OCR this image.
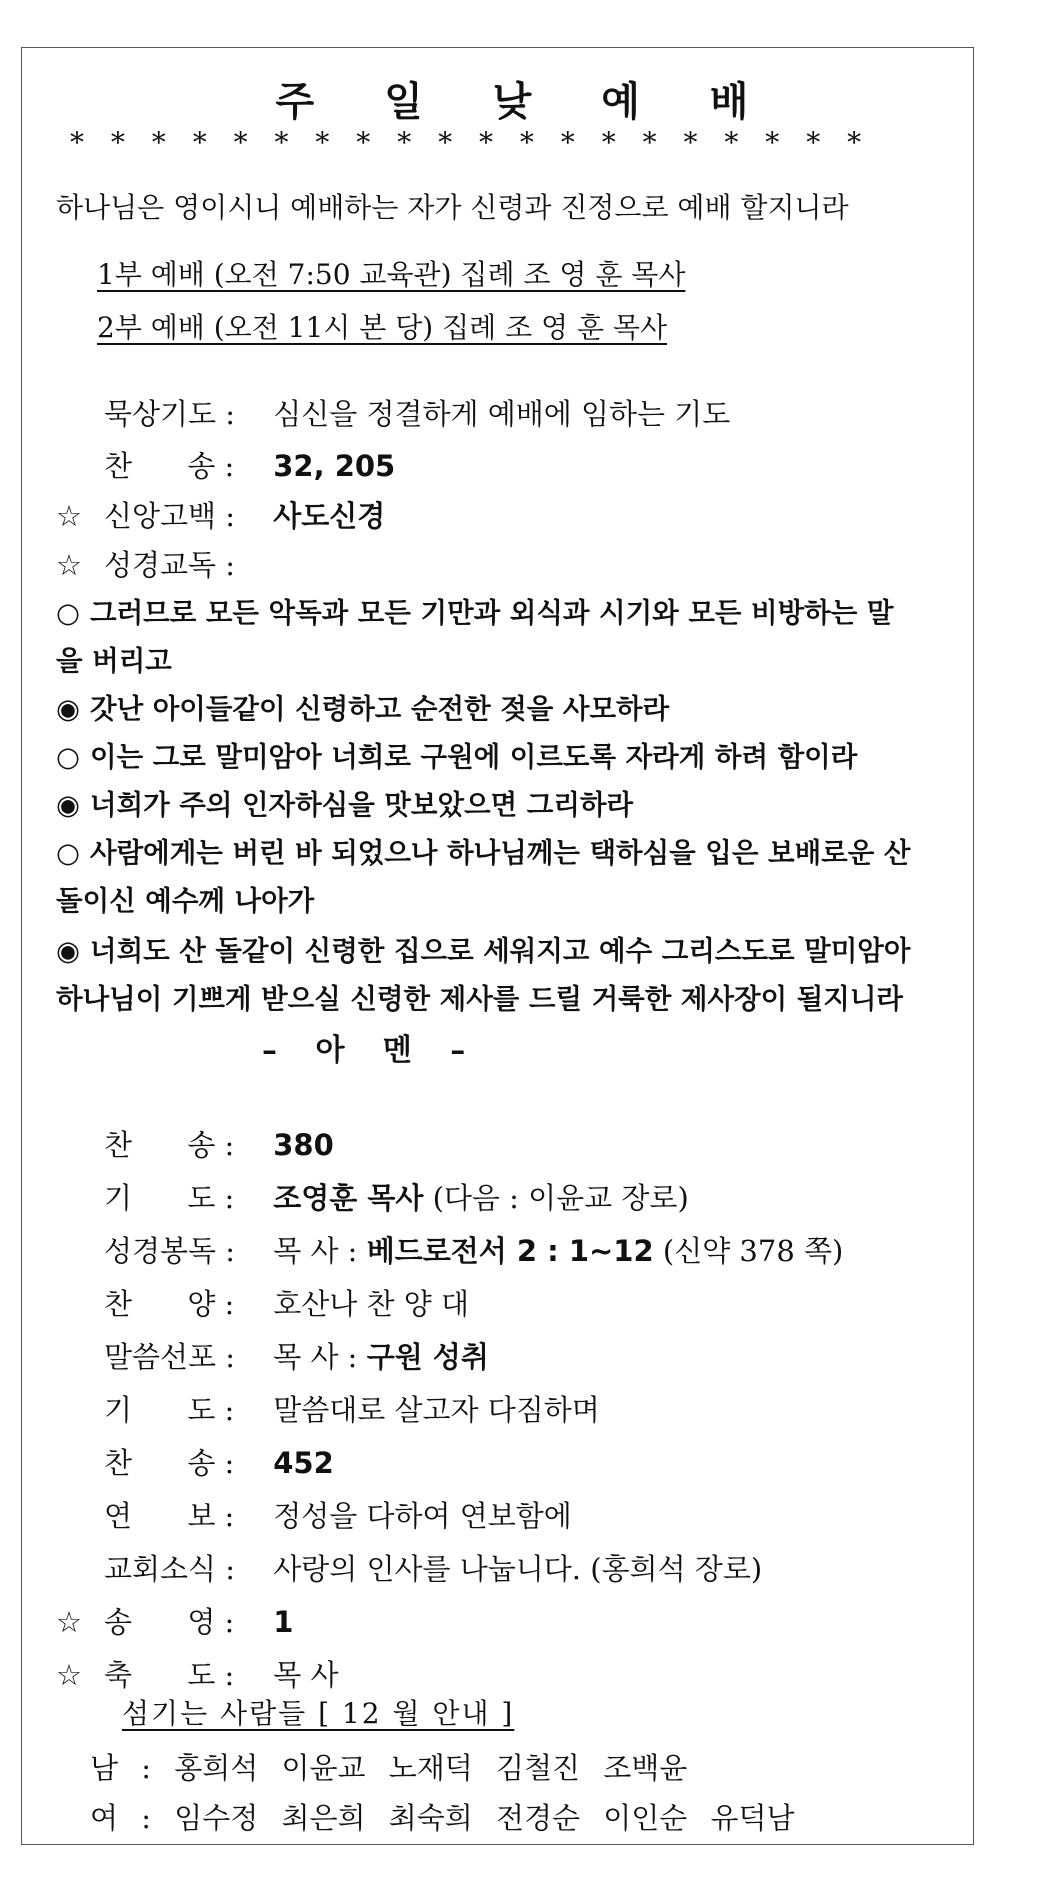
주 일 낮 예 배
* * * * * * * * * * * * * * * * * * * *
하나님은 영이시니 예배하는 자가 신령과 진정으로 예배 할지니라
1부 예배 (오전 7:50 교육관) 집례 조 영 훈 목사
2부 예배 (오전 11시 본 당) 집례 조 영 훈 목사
묵상기도 : 심신을 정결하게 예배에 임하는 기도
찬      송 : 32, 205
☆ 신앙고백 : 사도신경
☆ 성경교독 :
○ 그러므로 모든 악독과 모든 기만과 외식과 시기와 모든 비방하는 말
을 버리고
◉ 갓난 아이들같이 신령하고 순전한 젖을 사모하라
○ 이는 그로 말미암아 너희로 구원에 이르도록 자라게 하려 함이라
◉ 너희가 주의 인자하심을 맛보았으면 그리하라
○ 사람에게는 버린 바 되었으나 하나님께는 택하심을 입은 보배로운 산
돌이신 예수께 나아가
◉ 너희도 산 돌같이 신령한 집으로 세워지고 예수 그리스도로 말미암아
하나님이 기쁘게 받으실 신령한 제사를 드릴 거룩한 제사장이 될지니라
– 아 멘 –
찬      송 : 380
기      도 : 조영훈 목사 (다음 : 이윤교 장로)
성경봉독 : 목 사 : 베드로전서 2 : 1~12 (신약 378 쪽)
찬      양 : 호산나 찬 양 대
말씀선포 : 목 사 : 구원 성취
기      도 : 말씀대로 살고자 다짐하며
찬      송 : 452
연      보 : 정성을 다하여 연보함에
교회소식 : 사랑의 인사를 나눕니다. (홍희석 장로)
☆ 송      영 : 1
☆ 축      도 : 목 사
섬기는 사람들 [ 12 월 안내 ]
남 : 홍희석 이윤교 노재덕 김철진 조백윤
여 : 임수정 최은희 최숙희 전경순 이인순 유덕남
